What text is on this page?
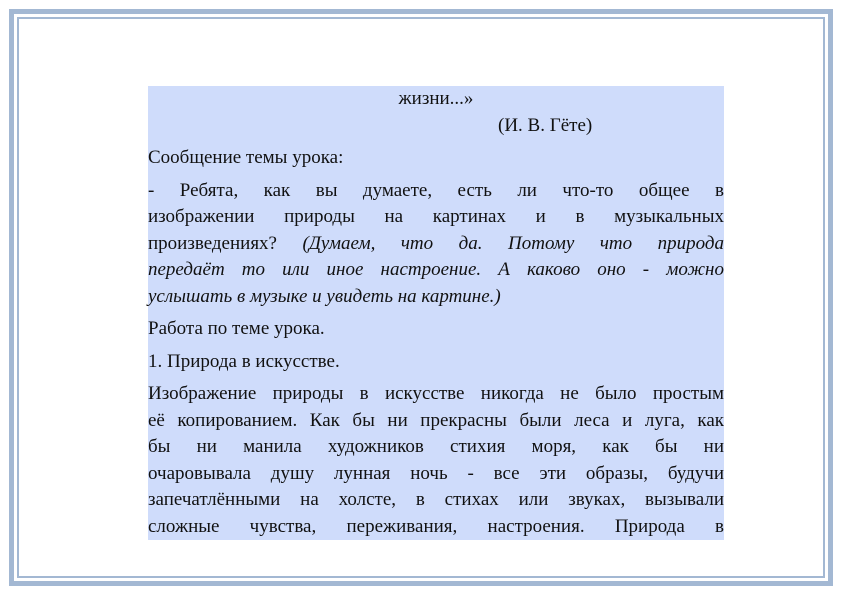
жизни...»
(И. В. Гёте)
Сообщение темы урока:
- Ребята, как вы думаете, есть ли что-то общее в
изображении природы на картинах и в музыкальных
произведениях? (Думаем, что да. Потому что природа
передаёт то или иное настроение. А каково оно - можно
услышать в музыке и увидеть на картине.)
Работа по теме урока.
1. Природа в искусстве.
Изображение природы в искусстве никогда не было простым
её копированием. Как бы ни прекрасны были леса и луга, как
бы ни манила художников стихия моря, как бы ни
очаровывала душу лунная ночь - все эти образы, будучи
запечатлёнными на холсте, в стихах или звуках, вызывали
сложные чувства, переживания, настроения. Природа в
